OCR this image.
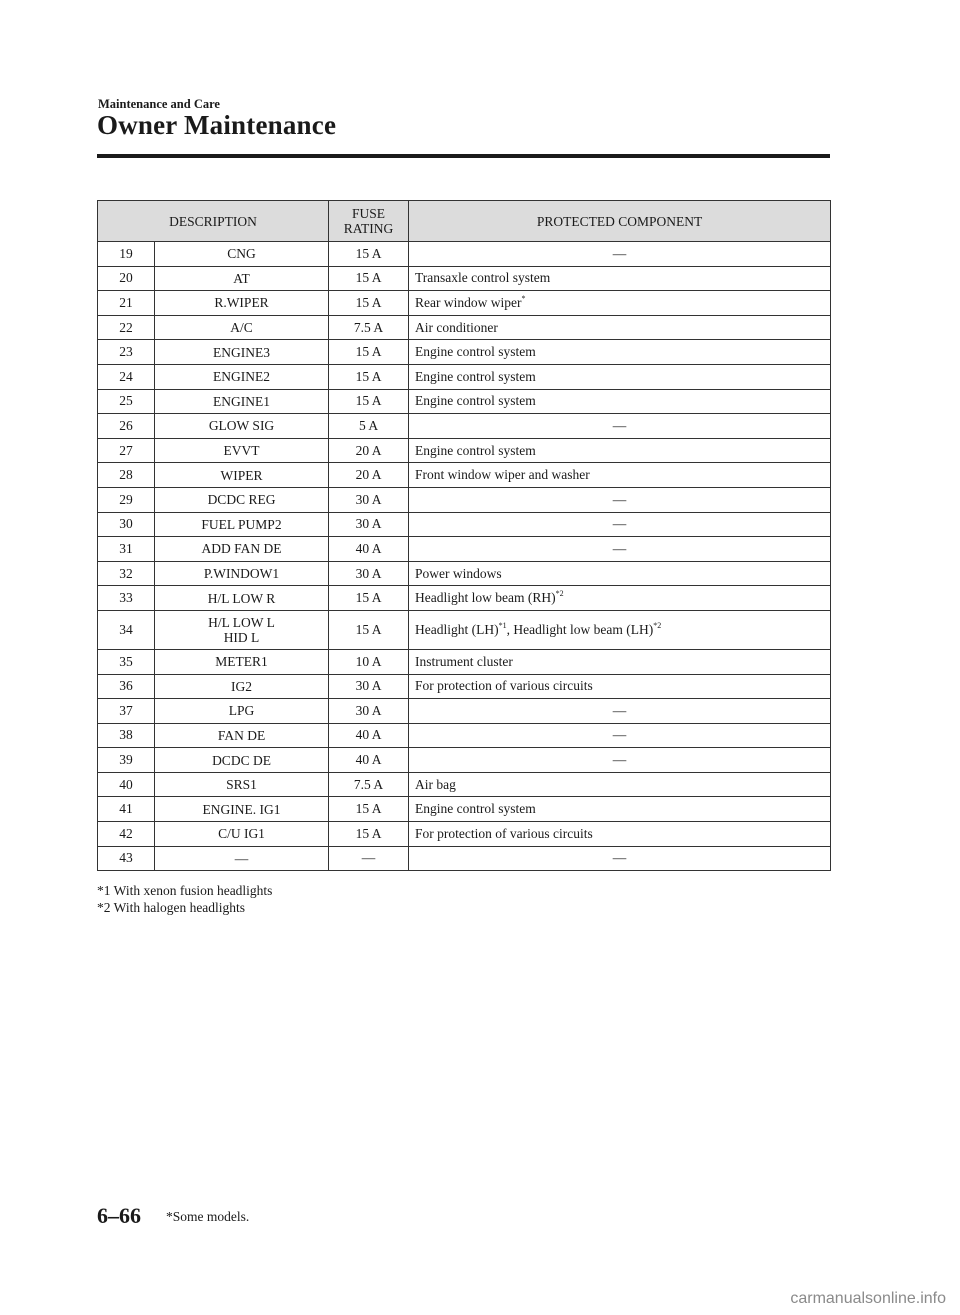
Maintenance and Care
Owner Maintenance
DESCRIPTION		FUSE RATING	PROTECTED COMPONENT
19	CNG	15 A	—
20	AT	15 A	Transaxle control system
21	R.WIPER	15 A	Rear window wiper*
22	A/C	7.5 A	Air conditioner
23	ENGINE3	15 A	Engine control system
24	ENGINE2	15 A	Engine control system
25	ENGINE1	15 A	Engine control system
26	GLOW SIG	5 A	—
27	EVVT	20 A	Engine control system
28	WIPER	20 A	Front window wiper and washer
29	DCDC REG	30 A	—
30	FUEL PUMP2	30 A	—
31	ADD FAN DE	40 A	—
32	P.WINDOW1	30 A	Power windows
33	H/L LOW R	15 A	Headlight low beam (RH)$^{*2}$
34	H/L LOW L
HID L	15 A	Headlight (LH)$^{*1}$, Headlight low beam (LH)$^{*2}$
35	METER1	10 A	Instrument cluster
36	IG2	30 A	For protection of various circuits
37	LPG	30 A	—
38	FAN DE	40 A	—
39	DCDC DE	40 A	—
40	SRS1	7.5 A	Air bag
41	ENGINE. IG1	15 A	Engine control system
42	C/U IG1	15 A	For protection of various circuits
43	—	—	—
*1 With xenon fusion headlights
*2 With halogen headlights
6–66 *Some models.
carmanualsonline.info
